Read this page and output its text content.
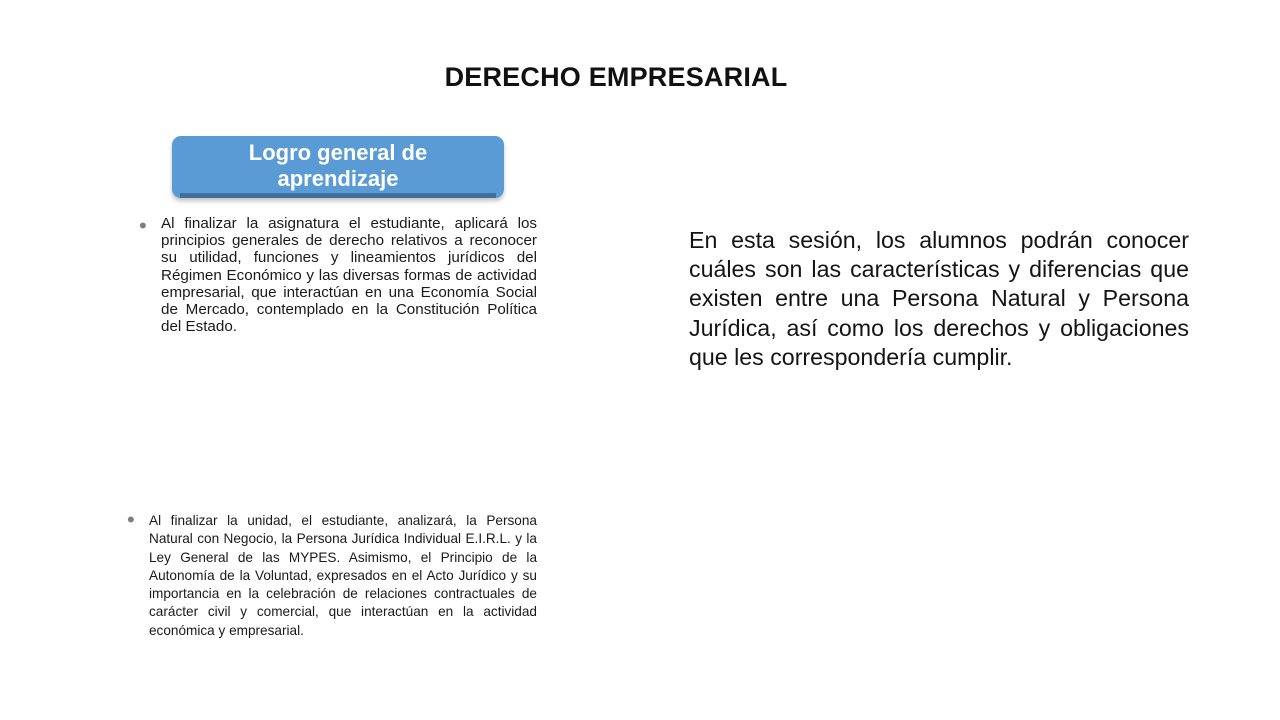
DERECHO EMPRESARIAL
Logro general de aprendizaje
• Al finalizar la asignatura el estudiante, aplicará los principios generales de derecho relativos a reconocer su utilidad, funciones y lineamientos jurídicos del Régimen Económico y las diversas formas de actividad empresarial, que interactúan en una Economía Social de Mercado, contemplado en la Constitución Política del Estado.
• Al finalizar la unidad, el estudiante, analizará, la Persona Natural con Negocio, la Persona Jurídica Individual E.I.R.L. y la Ley General de las MYPES. Asimismo, el Principio de la Autonomía de la Voluntad, expresados en el Acto Jurídico y su importancia en la celebración de relaciones contractuales de carácter civil y comercial, que interactúan en la actividad económica y empresarial.
En esta sesión, los alumnos podrán conocer cuáles son las características y diferencias que existen entre una Persona Natural y Persona Jurídica, así como los derechos y obligaciones que les correspondería cumplir.
